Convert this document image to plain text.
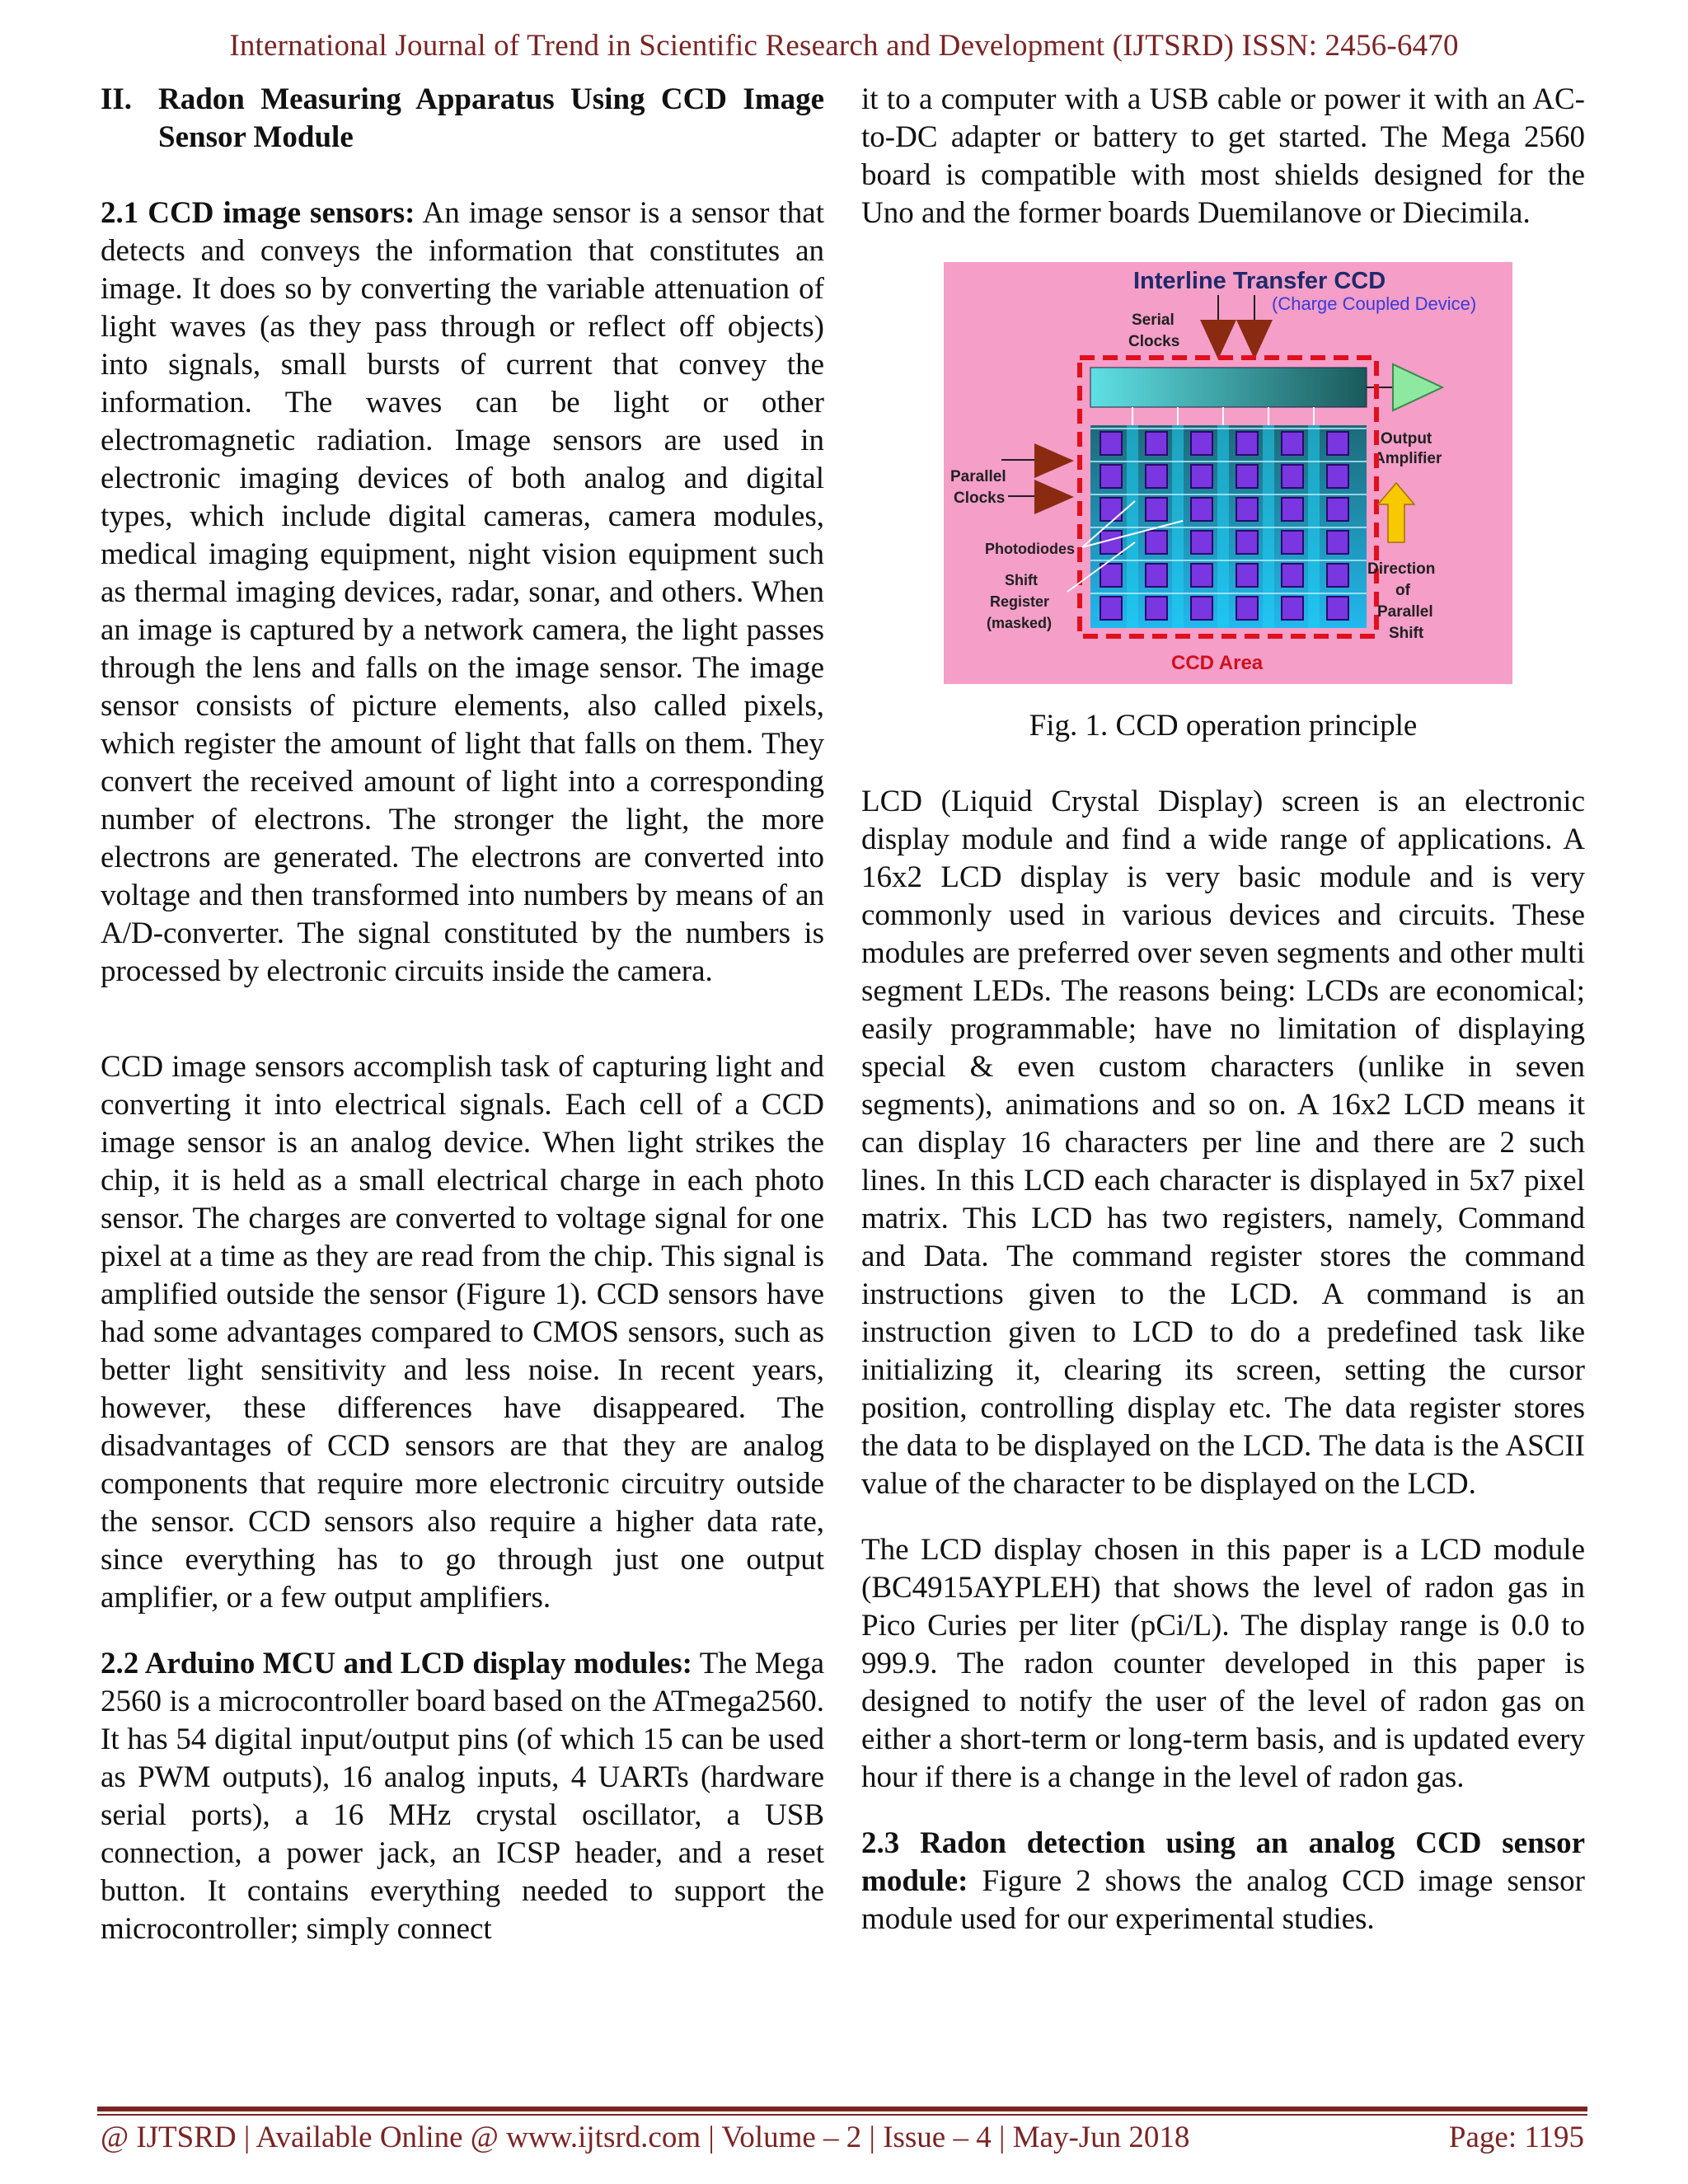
International Journal of Trend in Scientific Research and Development (IJTSRD) ISSN: 2456-6470
II. Radon Measuring Apparatus Using CCD Image Sensor Module

2.1 CCD image sensors: An image sensor is a sensor that detects and conveys the information that constitutes an image. It does so by converting the variable attenuation of light waves (as they pass through or reflect off objects) into signals, small bursts of current that convey the information. The waves can be light or other electromagnetic radiation. Image sensors are used in electronic imaging devices of both analog and digital types, which include digital cameras, camera modules, medical imaging equipment, night vision equipment such as thermal imaging devices, radar, sonar, and others. When an image is captured by a network camera, the light passes through the lens and falls on the image sensor. The image sensor consists of picture elements, also called pixels, which register the amount of light that falls on them. They convert the received amount of light into a corresponding number of electrons. The stronger the light, the more electrons are generated. The electrons are converted into voltage and then transformed into numbers by means of an A/D-converter. The signal constituted by the numbers is processed by electronic circuits inside the camera.

CCD image sensors accomplish task of capturing light and converting it into electrical signals. Each cell of a CCD image sensor is an analog device. When light strikes the chip, it is held as a small electrical charge in each photo sensor. The charges are converted to voltage signal for one pixel at a time as they are read from the chip. This signal is amplified outside the sensor (Figure 1). CCD sensors have had some advantages compared to CMOS sensors, such as better light sensitivity and less noise. In recent years, however, these differences have disappeared. The disadvantages of CCD sensors are that they are analog components that require more electronic circuitry outside the sensor. CCD sensors also require a higher data rate, since everything has to go through just one output amplifier, or a few output amplifiers.

2.2 Arduino MCU and LCD display modules: The Mega 2560 is a microcontroller board based on the ATmega2560. It has 54 digital input/output pins (of which 15 can be used as PWM outputs), 16 analog inputs, 4 UARTs (hardware serial ports), a 16 MHz crystal oscillator, a USB connection, a power jack, an ICSP header, and a reset button. It contains everything needed to support the microcontroller; simply connect

it to a computer with a USB cable or power it with an AC-to-DC adapter or battery to get started. The Mega 2560 board is compatible with most shields designed for the Uno and the former boards Duemilanove or Diecimila.

Interline Transfer CCD
(Charge Coupled Device)
Serial
Clocks
Output
Amplifier
CCD Area
Parallel
Clocks
Photodiodes
Shift
Register
(masked)
Direction
of
Parallel
Shift
Fig. 1. CCD operation principle

LCD (Liquid Crystal Display) screen is an electronic display module and find a wide range of applications. A 16x2 LCD display is very basic module and is very commonly used in various devices and circuits. These modules are preferred over seven segments and other multi segment LEDs. The reasons being: LCDs are economical; easily programmable; have no limitation of displaying special & even custom characters (unlike in seven segments), animations and so on. A 16x2 LCD means it can display 16 characters per line and there are 2 such lines. In this LCD each character is displayed in 5x7 pixel matrix. This LCD has two registers, namely, Command and Data. The command register stores the command instructions given to the LCD. A command is an instruction given to LCD to do a predefined task like initializing it, clearing its screen, setting the cursor position, controlling display etc. The data register stores the data to be displayed on the LCD. The data is the ASCII value of the character to be displayed on the LCD.

The LCD display chosen in this paper is a LCD module (BC4915AYPLEH) that shows the level of radon gas in Pico Curies per liter (pCi/L). The display range is 0.0 to 999.9. The radon counter developed in this paper is designed to notify the user of the level of radon gas on either a short-term or long-term basis, and is updated every hour if there is a change in the level of radon gas.

2.3 Radon detection using an analog CCD sensor module: Figure 2 shows the analog CCD image sensor module used for our experimental studies.

@ IJTSRD | Available Online @ www.ijtsrd.com | Volume – 2 | Issue – 4 | May-Jun 2018	Page: 1195
